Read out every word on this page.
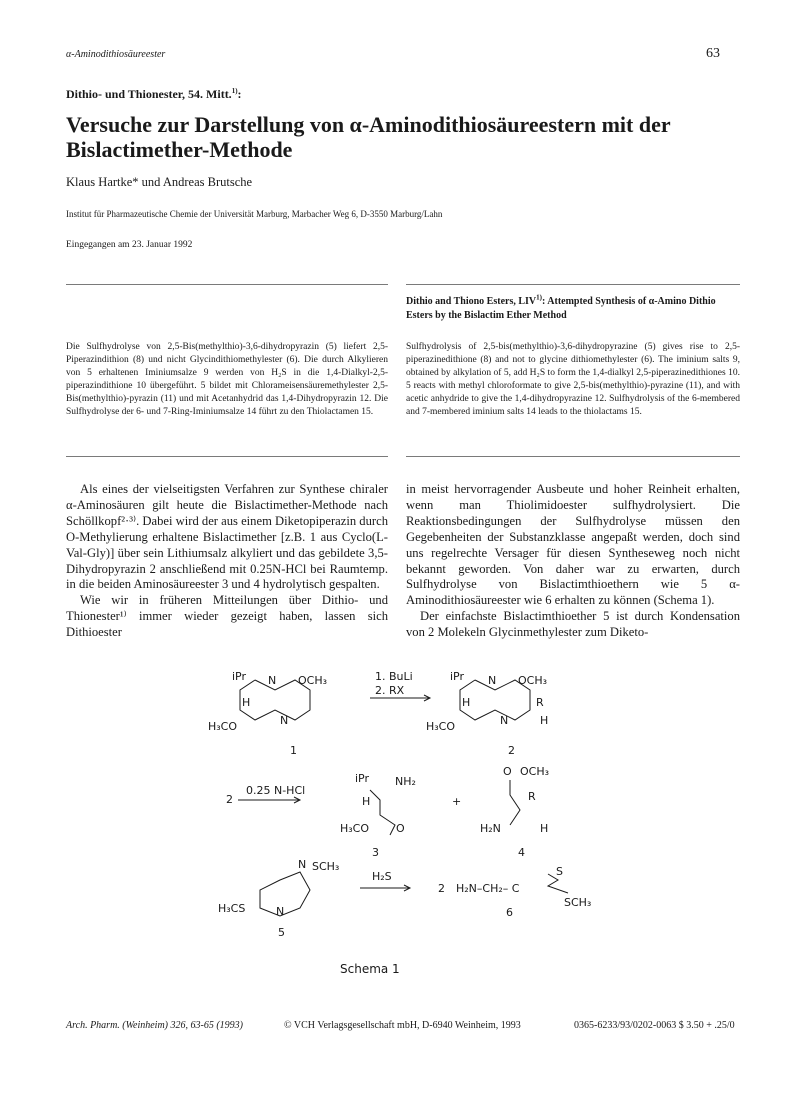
α-Aminodithiosäureester	63
Dithio- und Thionester, 54. Mitt.$^{1)}$:
Versuche zur Darstellung von α-Aminodithiosäureestern mit der Bislactimether-Methode
Klaus Hartke* und Andreas Brutsche
Institut für Pharmazeutische Chemie der Universität Marburg, Marbacher Weg 6, D-3550 Marburg/Lahn
Eingegangen am 23. Januar 1992
Dithio and Thiono Esters, LIV$^{1)}$: Attempted Synthesis of α-Amino Dithio Esters by the Bislactim Ether Method
Die Sulfhydrolyse von 2,5-Bis(methylthio)-3,6-dihydropyrazin (5) liefert 2,5-Piperazindithion (8) und nicht Glycindithiomethylester (6). Die durch Alkylieren von 5 erhaltenen Iminiumsalze 9 werden von H₂S in die 1,4-Dialkyl-2,5-piperazindithione 10 übergeführt. 5 bildet mit Chlorameisensäuremethylester 2,5-Bis(methylthio)-pyrazin (11) und mit Acetanhydrid das 1,4-Dihydropyrazin 12. Die Sulfhydrolyse der 6- und 7-Ring-Iminiumsalze 14 führt zu den Thiolactamen 15.
Sulfhydrolysis of 2,5-bis(methylthio)-3,6-dihydropyrazine (5) gives rise to 2,5-piperazinedithione (8) and not to glycine dithiomethylester (6). The iminium salts 9, obtained by alkylation of 5, add H₂S to form the 1,4-dialkyl 2,5-piperazinedithiones 10. 5 reacts with methyl chloroformate to give 2,5-bis(methylthio)-pyrazine (11), and with acetic anhydride to give the 1,4-dihydropyrazine 12. Sulfhydrolysis of the 6-membered and 7-membered iminium salts 14 leads to the thiolactams 15.

Als eines der vielseitigsten Verfahren zur Synthese chiraler α-Aminosäuren gilt heute die Bislactimether-Methode nach Schöllkopf²·³⁾. Dabei wird der aus einem Diketopiperazin durch O-Methylierung erhaltene Bislactimether [z.B. 1 aus Cyclo(L-Val-Gly)] über sein Lithiumsalz alkyliert und das gebildete 3,5-Dihydropyrazin 2 anschließend mit 0.25N-HCl bei Raumtemp. in die beiden Aminosäureester 3 und 4 hydrolytisch gespalten.

Wie wir in früheren Mitteilungen über Dithio- und Thionester¹⁾ immer wieder gezeigt haben, lassen sich Dithioester

in meist hervorragender Ausbeute und hoher Reinheit erhalten, wenn man Thiolimidoester sulfhydrolysiert. Die Reaktionsbedingungen der Sulfhydrolyse müssen den Gegebenheiten der Substanzklasse angepaßt werden, doch sind uns regelrechte Versager für diesen Syntheseweg noch nicht bekannt geworden. Von daher war zu erwarten, durch Sulfhydrolyse von Bislactimthioethern wie 5 α-Aminodithiosäureester wie 6 erhalten zu können (Schema 1).

Der einfachste Bislactimthioether 5 ist durch Kondensation von 2 Molekeln Glycinmethylester zum Diketo-

iPr N OCH₃
H
N
H₃CO
1
1. BuLi
2. RX
iPr N OCH₃
H	R
N	H
H₃CO
2
2
0.25 N-HCl
iPr NH₂
H
H₃CO O
3
+
O OCH₃
R
H₂N	H
4
N SCH₃
N
H₃CS
5
H₂S
2 H₂N–CH₂– C
S
SCH₃
6
Schema 1
Arch. Pharm. (Weinheim) 326, 63-65 (1993)	© VCH Verlagsgesellschaft mbH, D-6940 Weinheim, 1993	0365-6233/93/0202-0063 $ 3.50 + .25/0
